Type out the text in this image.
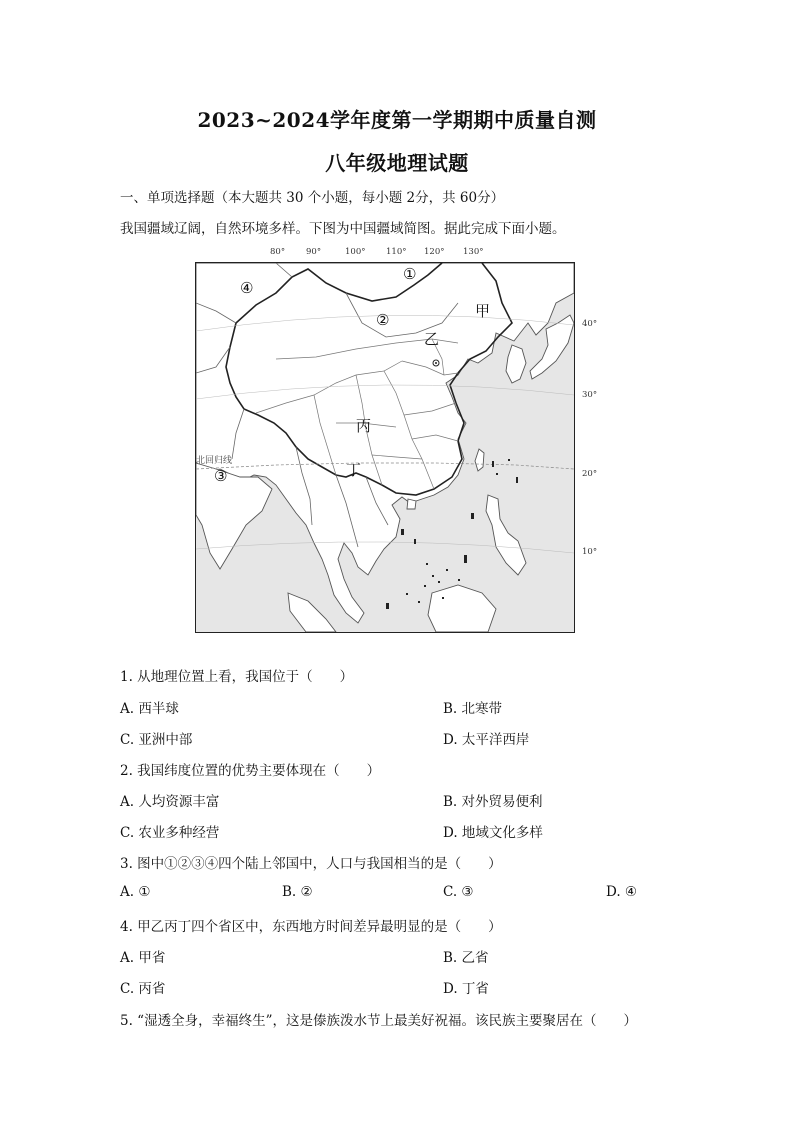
2023~2024学年度第一学期期中质量自测
八年级地理试题
一、单项选择题（本大题共 30 个小题，每小题 2分，共 60分）
我国疆域辽阔，自然环境多样。下图为中国疆域简图。据此完成下面小题。
80° 90°	100° 110° 120° 130°
40°
30°
20°
10°
④
①
②
③
甲
乙
丙
丁
北回归线
1. 从地理位置上看，我国位于（　　）
A. 西半球	B. 北寒带
C. 亚洲中部	D. 太平洋西岸
2. 我国纬度位置的优势主要体现在（　　）
A. 人均资源丰富	B. 对外贸易便利
C. 农业多种经营	D. 地域文化多样
3. 图中①②③④四个陆上邻国中，人口与我国相当的是（　　）
A. ①	B. ②	C. ③	D. ④
4. 甲乙丙丁四个省区中，东西地方时间差异最明显的是（　　）
A. 甲省	B. 乙省
C. 丙省	D. 丁省
5. “湿透全身，幸福终生”，这是傣族泼水节上最美好祝福。该民族主要聚居在（　　）
